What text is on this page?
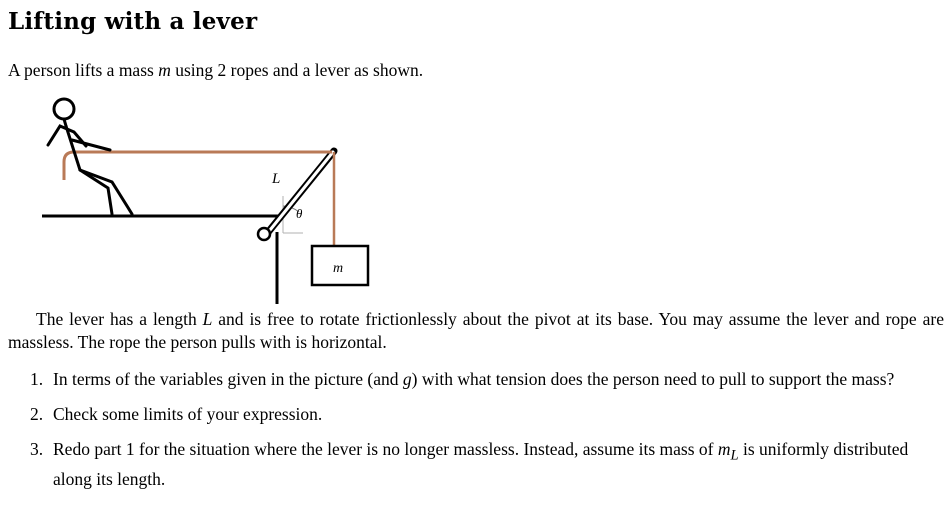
Lifting with a lever

A person lifts a mass m using 2 ropes and a lever as shown.

m
L
θ

The lever has a length L and is free to rotate frictionlessly about the pivot at its base. You may assume the lever and rope are massless. The rope the person pulls with is horizontal.

1. In terms of the variables given in the picture (and g) with what tension does the person need to pull to support the mass?
2. Check some limits of your expression.
3. Redo part 1 for the situation where the lever is no longer massless. Instead, assume its mass of $m_L$ is uniformly distributed along its length.
